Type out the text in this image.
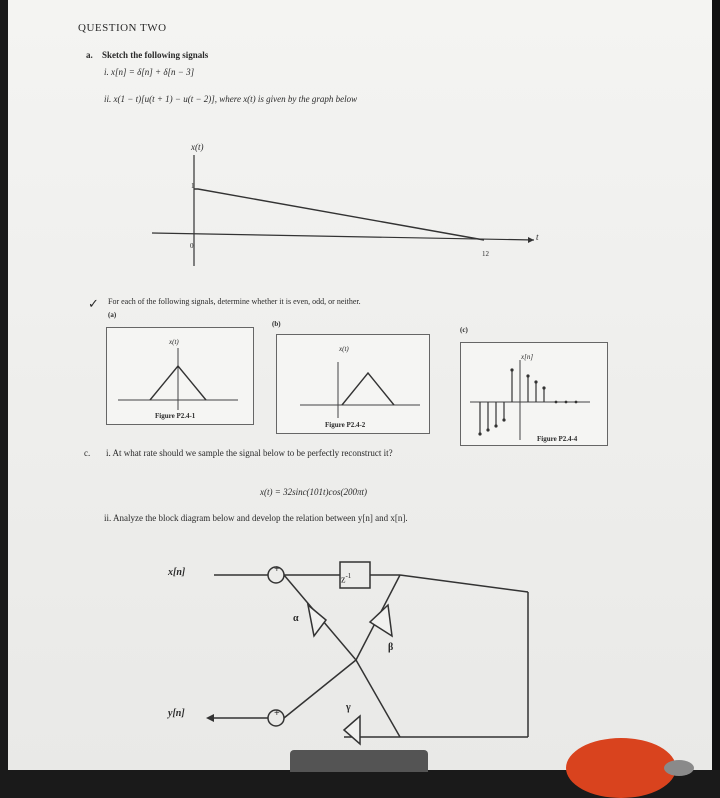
QUESTION TWO
a. Sketch the following signals
i. x[n] = δ[n] + δ[n − 3]
ii. x(1 − t)[u(t + 1) − u(t − 2)], where x(t) is given by the graph below
x(t)
1
0
12
t
✓ For each of the following signals, determine whether it is even, odd, or neither.
(a)
(b)
(c)
x(t)
Figure P2.4-1
x(t)
Figure P2.4-2
x[n]
Figure P2.4-4
c. i. At what rate should we sample the signal below to be perfectly reconstruct it?
x(t) = 32sinc(101t)cos(200πt)
ii. Analyze the block diagram below and develop the relation between y[n] and x[n].
x[n]
y[n]
$z^{-1}$
α
β
γ
+
+
